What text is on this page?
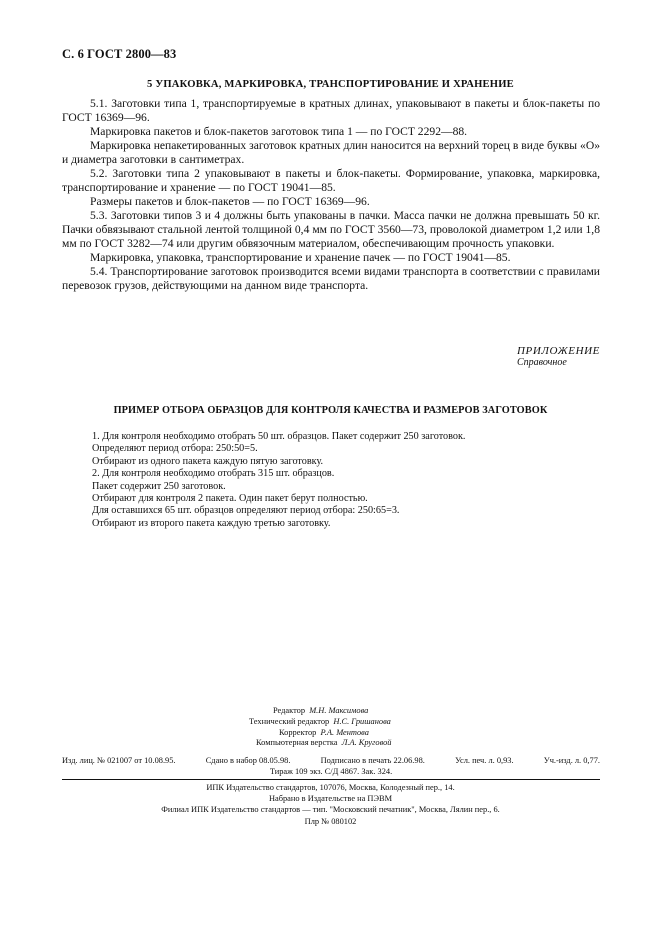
С. 6 ГОСТ 2800—83
5 УПАКОВКА, МАРКИРОВКА, ТРАНСПОРТИРОВАНИЕ И ХРАНЕНИЕ

5.1. Заготовки типа 1, транспортируемые в кратных длинах, упаковывают в пакеты и блок-пакеты по ГОСТ 16369—96.

Маркировка пакетов и блок-пакетов заготовок типа 1 — по ГОСТ 2292—88.

Маркировка непакетированных заготовок кратных длин наносится на верхний торец в виде буквы «О» и диаметра заготовки в сантиметрах.

5.2. Заготовки типа 2 упаковывают в пакеты и блок-пакеты. Формирование, упаковка, маркировка, транспортирование и хранение — по ГОСТ 19041—85.

Размеры пакетов и блок-пакетов — по ГОСТ 16369—96.

5.3. Заготовки типов 3 и 4 должны быть упакованы в пачки. Масса пачки не должна превышать 50 кг. Пачки обвязывают стальной лентой толщиной 0,4 мм по ГОСТ 3560—73, проволокой диаметром 1,2 или 1,8 мм по ГОСТ 3282—74 или другим обвязочным материалом, обеспечивающим прочность упаковки.

Маркировка, упаковка, транспортирование и хранение пачек — по ГОСТ 19041—85.

5.4. Транспортирование заготовок производится всеми видами транспорта в соответствии с правилами перевозок грузов, действующими на данном виде транспорта.

ПРИЛОЖЕНИЕ
Справочное
ПРИМЕР ОТБОРА ОБРАЗЦОВ ДЛЯ КОНТРОЛЯ КАЧЕСТВА И РАЗМЕРОВ ЗАГОТОВОК
1. Для контроля необходимо отобрать 50 шт. образцов. Пакет содержит 250 заготовок.
Определяют период отбора: 250:50=5.
Отбирают из одного пакета каждую пятую заготовку.
2. Для контроля необходимо отобрать 315 шт. образцов.
Пакет содержит 250 заготовок.
Отбирают для контроля 2 пакета. Один пакет берут полностью.
Для оставшихся 65 шт. образцов определяют период отбора: 250:65=3.
Отбирают из второго пакета каждую третью заготовку.
Редактор М.Н. Максимова
Технический редактор Н.С. Гришанова
Корректор Р.А. Ментова
Компьютерная верстка Л.А. Круговой
Изд. лиц. № 021007 от 10.08.95.	Сдано в набор 08.05.98.	Подписано в печать 22.06.98.	Усл. печ. л. 0,93.	Уч.-изд. л. 0,77.
Тираж 109 экз. С/Д 4867. Зак. 324.
ИПК Издательство стандартов, 107076, Москва, Колодезный пер., 14.
Набрано в Издательстве на ПЭВМ
Филиал ИПК Издательство стандартов — тип. "Московский печатник", Москва, Лялин пер., 6.
Плр № 080102
